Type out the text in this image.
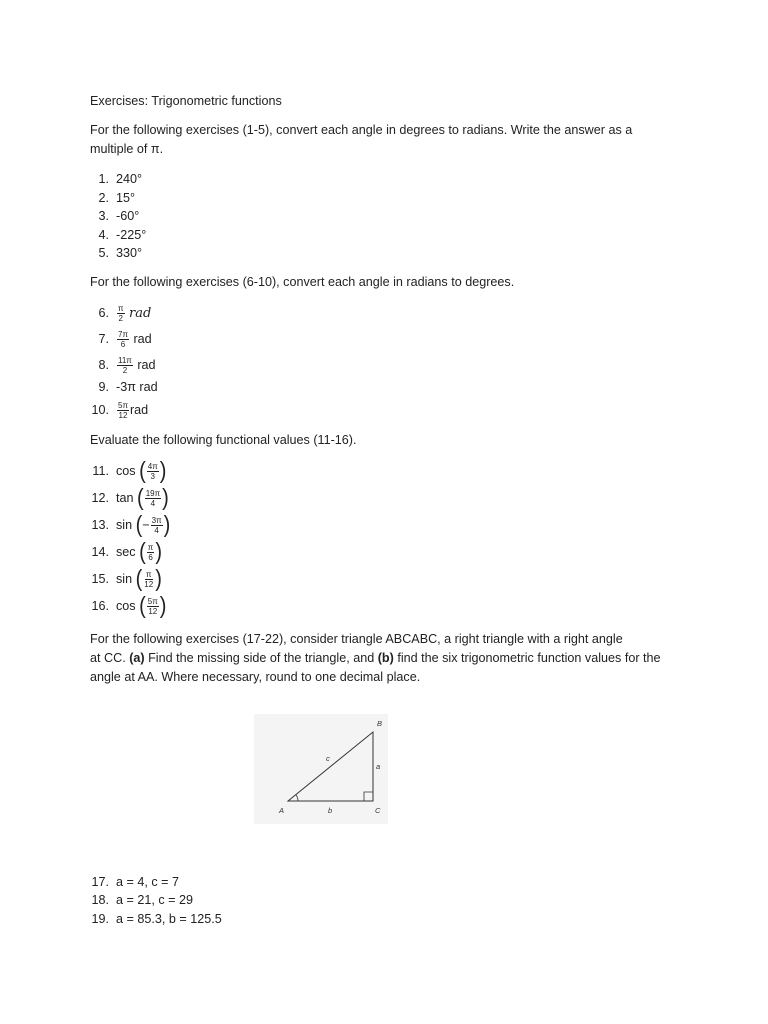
Exercises: Trigonometric functions
For the following exercises (1-5), convert each angle in degrees to radians. Write the answer as a
multiple of π.
1. 240°
2. 15°
3. -60°
4. -225°
5. 330°
For the following exercises (6-10), convert each angle in radians to degrees.
6. $\frac{\pi}{2}$ rad
7. $\frac{7\pi}{6}$ rad
8. $\frac{11\pi}{2}$ rad
9. -3π rad
10. $\frac{5\pi}{12}$ rad
Evaluate the following functional values (11-16).
11. cos ( $\frac{4\pi}{3}$ )
12. tan ( $\frac{19\pi}{4}$ )
13. sin (− $\frac{3\pi}{4}$ )
14. sec ( $\frac{\pi}{6}$ )
15. sin ( $\frac{\pi}{12}$ )
16. cos ( $\frac{5\pi}{12}$ )
For the following exercises (17-22), consider triangle ABCABC, a right triangle with a right angle
at CC. (a) Find the missing side of the triangle, and (b) find the six trigonometric function values for the
angle at AA. Where necessary, round to one decimal place.
B
A	C
a
b
c
17. a = 4, c = 7
18. a = 21, c = 29
19. a = 85.3, b = 125.5
